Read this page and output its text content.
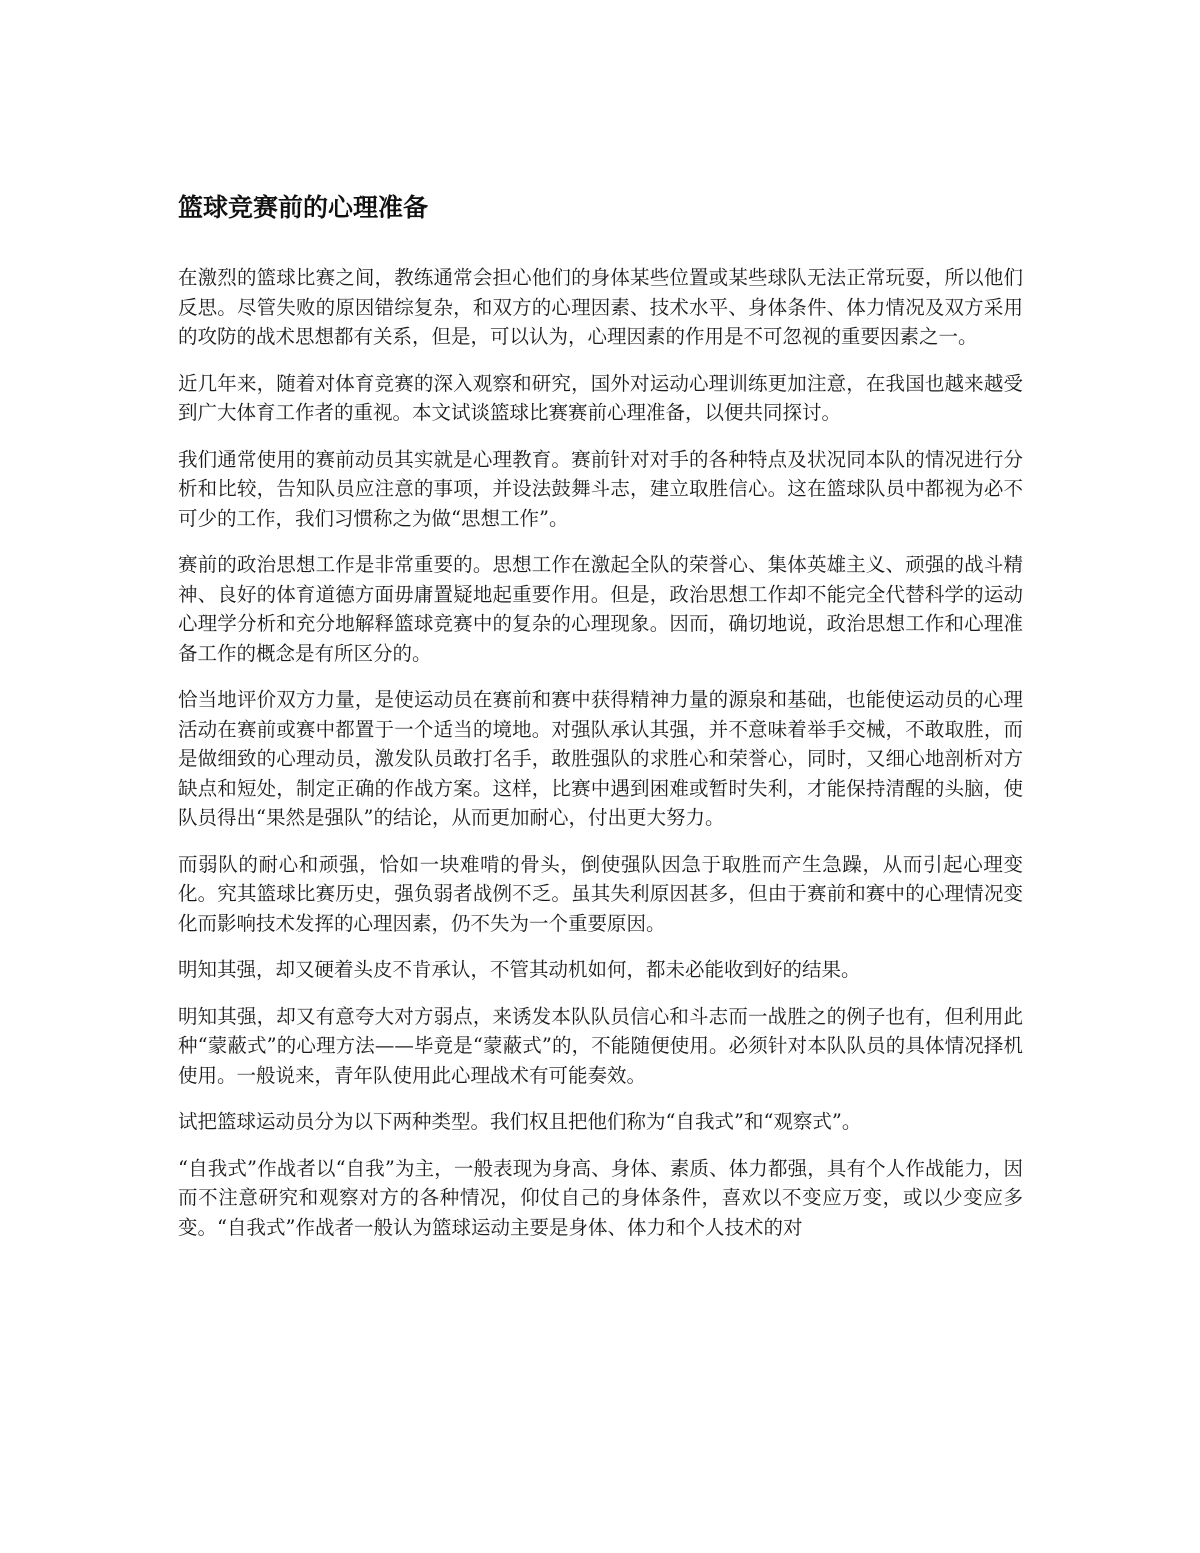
篮球竞赛前的心理准备

在激烈的篮球比赛之间，教练通常会担心他们的身体某些位置或某些球队无法正常玩耍，所以他们反思。尽管失败的原因错综复杂，和双方的心理因素、技术水平、身体条件、体力情况及双方采用的攻防的战术思想都有关系，但是，可以认为，心理因素的作用是不可忽视的重要因素之一。

近几年来，随着对体育竞赛的深入观察和研究，国外对运动心理训练更加注意，在我国也越来越受到广大体育工作者的重视。本文试谈篮球比赛赛前心理准备，以便共同探讨。

我们通常使用的赛前动员其实就是心理教育。赛前针对对手的各种特点及状况同本队的情况进行分析和比较，告知队员应注意的事项，并设法鼓舞斗志，建立取胜信心。这在篮球队员中都视为必不可少的工作，我们习惯称之为做“思想工作”。

赛前的政治思想工作是非常重要的。思想工作在激起全队的荣誉心、集体英雄主义、顽强的战斗精神、良好的体育道德方面毋庸置疑地起重要作用。但是，政治思想工作却不能完全代替科学的运动心理学分析和充分地解释篮球竞赛中的复杂的心理现象。因而，确切地说，政治思想工作和心理准备工作的概念是有所区分的。

恰当地评价双方力量，是使运动员在赛前和赛中获得精神力量的源泉和基础，也能使运动员的心理活动在赛前或赛中都置于一个适当的境地。对强队承认其强，并不意味着举手交械，不敢取胜，而是做细致的心理动员，激发队员敢打名手，敢胜强队的求胜心和荣誉心，同时，又细心地剖析对方缺点和短处，制定正确的作战方案。这样，比赛中遇到困难或暂时失利，才能保持清醒的头脑，使队员得出“果然是强队”的结论，从而更加耐心，付出更大努力。

而弱队的耐心和顽强，恰如一块难啃的骨头，倒使强队因急于取胜而产生急躁，从而引起心理变化。究其篮球比赛历史，强负弱者战例不乏。虽其失利原因甚多，但由于赛前和赛中的心理情况变化而影响技术发挥的心理因素，仍不失为一个重要原因。

明知其强，却又硬着头皮不肯承认，不管其动机如何，都未必能收到好的结果。

明知其强，却又有意夸大对方弱点，来诱发本队队员信心和斗志而一战胜之的例子也有，但利用此种“蒙蔽式”的心理方法——毕竟是“蒙蔽式”的，不能随便使用。必须针对本队队员的具体情况择机使用。一般说来，青年队使用此心理战术有可能奏效。

试把篮球运动员分为以下两种类型。我们权且把他们称为“自我式”和“观察式”。

“自我式”作战者以“自我”为主，一般表现为身高、身体、素质、体力都强，具有个人作战能力，因而不注意研究和观察对方的各种情况，仰仗自己的身体条件，喜欢以不变应万变，或以少变应多变。“自我式”作战者一般认为篮球运动主要是身体、体力和个人技术的对
